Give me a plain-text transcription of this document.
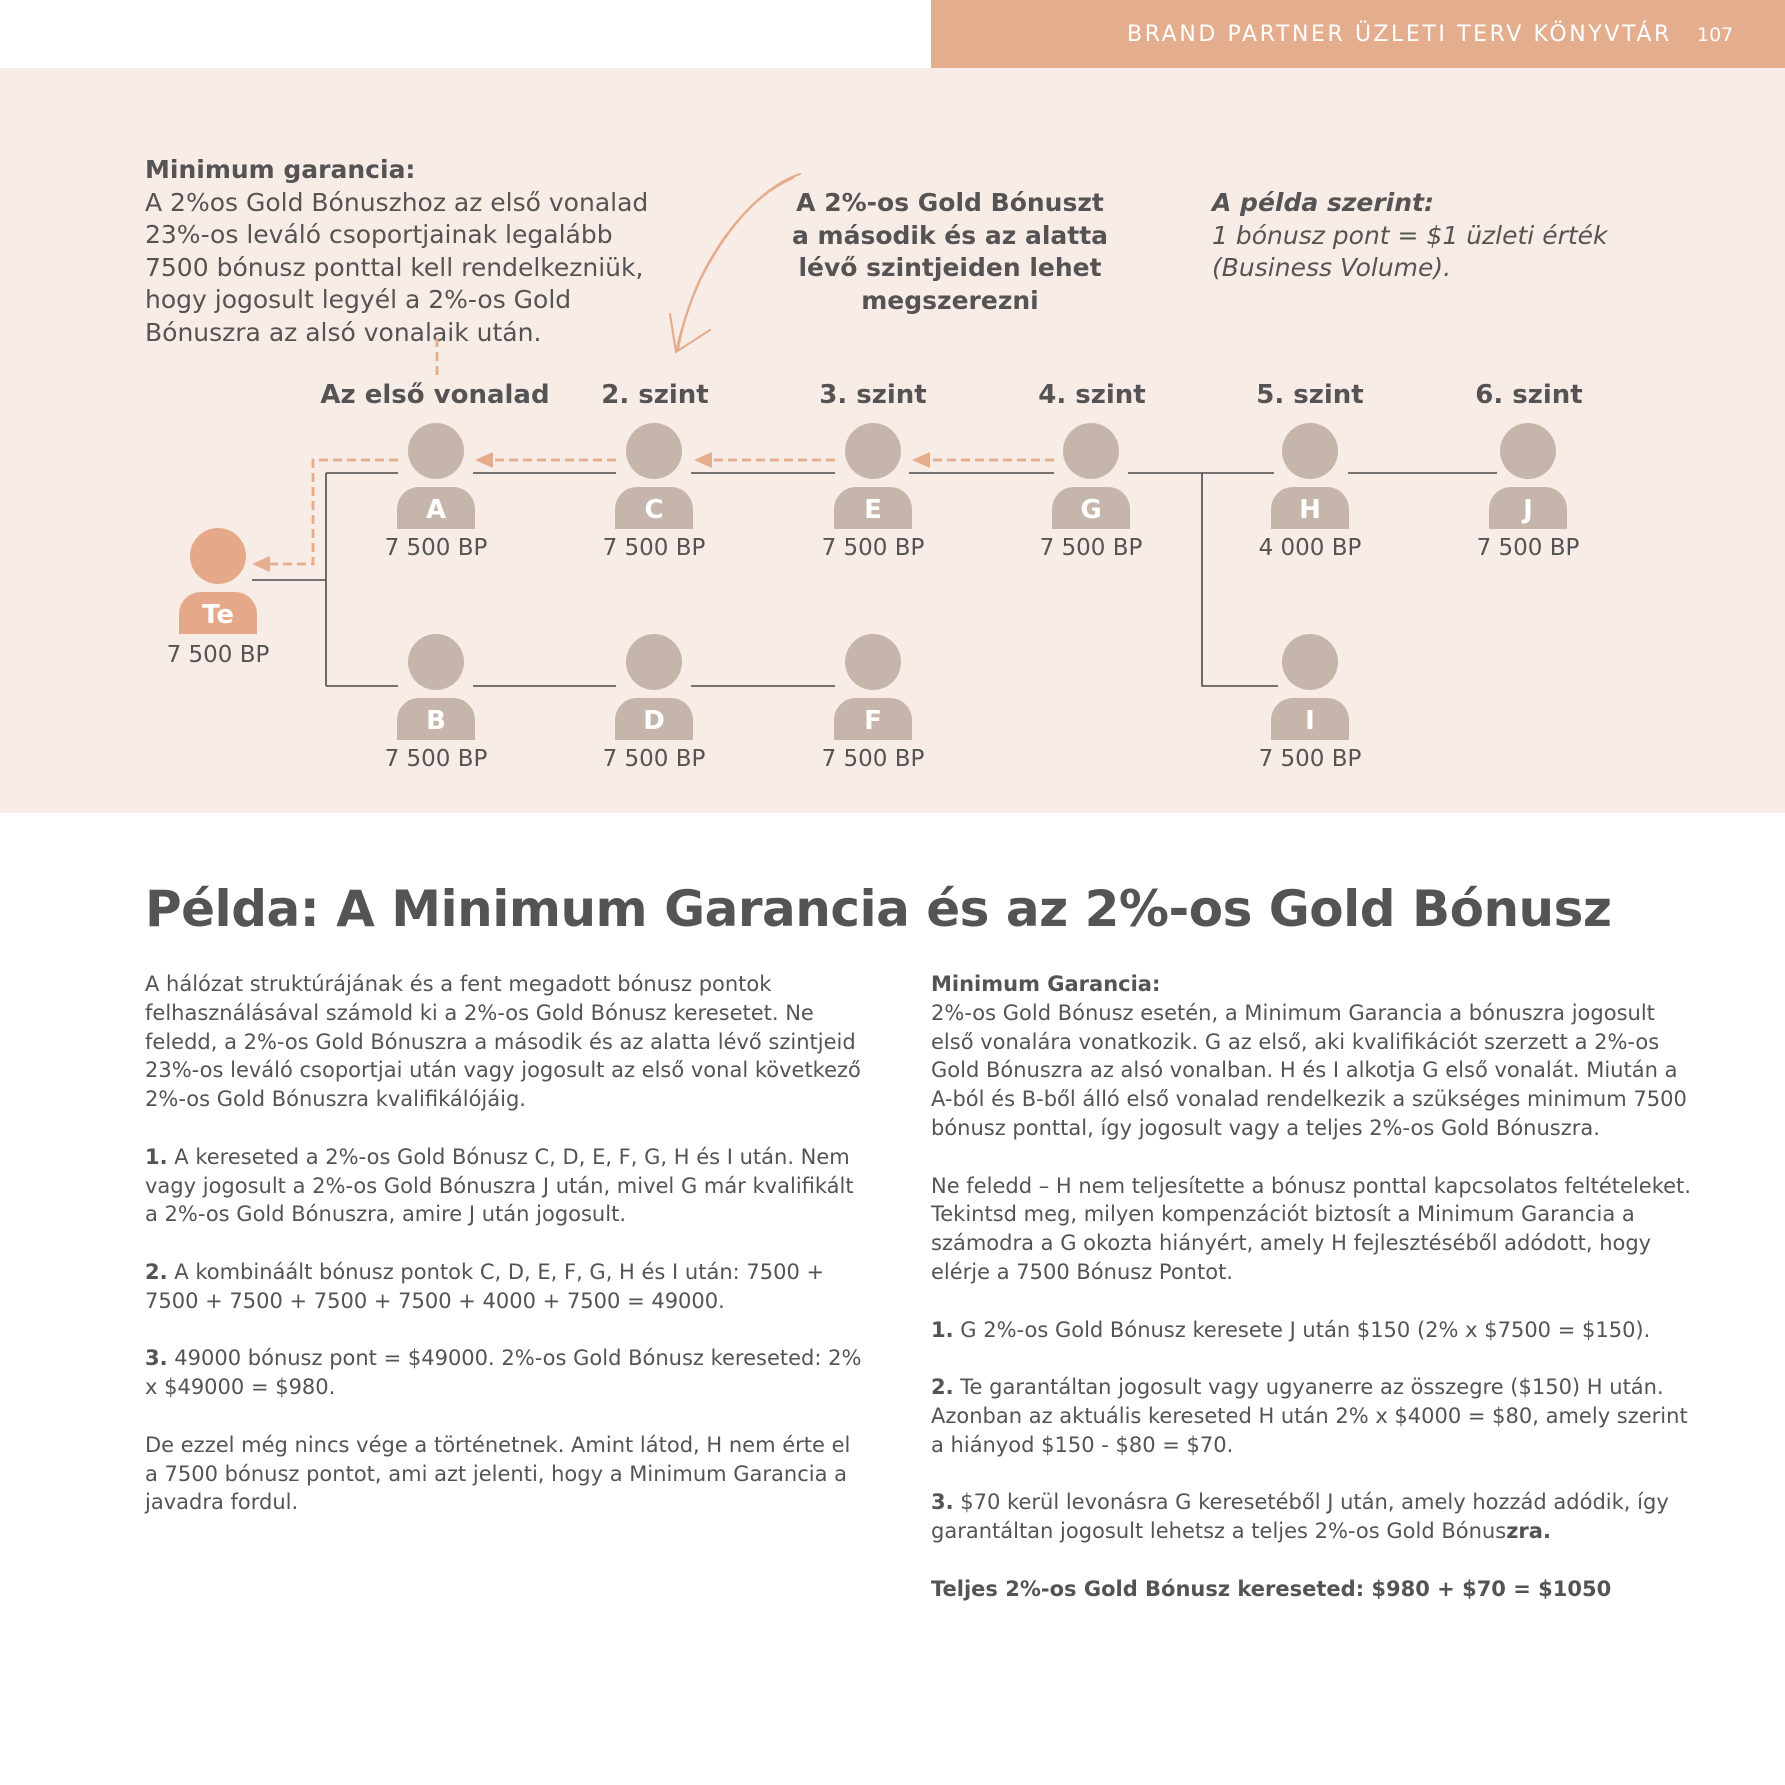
BRAND PARTNER ÜZLETI TERV KÖNYVTÁR 107
Minimum garancia:
A 2%os Gold Bónuszhoz az első vonalad 23%-os leváló csoportjainak legalább 7500 bónusz ponttal kell rendelkezniük, hogy jogosult legyél a 2%-os Gold Bónuszra az alsó vonalaik után.
A 2%-os Gold Bónuszt a második és az alatta lévő szintjeiden lehet megszerezni
A példa szerint:
1 bónusz pont = $1 üzleti érték (Business Volume).
Az első vonalad 2. szint	3. szint	4. szint	5. szint	6. szint
Te
A
B
C
D
E
F
G	H
I
J
7 500 BP
7 500 BP
7 500 BP
7 500 BP
7 500 BP
7 500 BP
7 500 BP
7 500 BP	4 000 BP
7 500 BP
7 500 BP
Példa: A Minimum Garancia és az 2%-os Gold Bónusz

A hálózat struktúrájának és a fent megadott bónusz pontok felhasználásával számold ki a 2%-os Gold Bónusz keresetet. Ne feledd, a 2%-os Gold Bónuszra a második és az alatta lévő szintjeid 23%-os leváló csoportjai után vagy jogosult az első vonal következő 2%-os Gold Bónuszra kvalifikálójáig.

1. A kereseted a 2%-os Gold Bónusz C, D, E, F, G, H és I után. Nem vagy jogosult a 2%-os Gold Bónuszra J után, mivel G már kvalifikált a 2%-os Gold Bónuszra, amire J után jogosult.

2. A kombináált bónusz pontok C, D, E, F, G, H és I után: 7500 + 7500 + 7500 + 7500 + 7500 + 4000 + 7500 = 49000.

3. 49000 bónusz pont = $49000. 2%-os Gold Bónusz kereseted: 2% x $49000 = $980.

De ezzel még nincs vége a történetnek. Amint látod, H nem érte el a 7500 bónusz pontot, ami azt jelenti, hogy a Minimum Garancia a javadra fordul.

Minimum Garancia:
2%-os Gold Bónusz esetén, a Minimum Garancia a bónuszra jogosult első vonalára vonatkozik. G az első, aki kvalifikációt szerzett a 2%-os Gold Bónuszra az alsó vonalban. H és I alkotja G első vonalát. Miután a A-ból és B-ből álló első vonalad rendelkezik a szükséges minimum 7500 bónusz ponttal, így jogosult vagy a teljes 2%-os Gold Bónuszra.

Ne feledd – H nem teljesítette a bónusz ponttal kapcsolatos feltételeket. Tekintsd meg, milyen kompenzációt biztosít a Minimum Garancia a számodra a G okozta hiányért, amely H fejlesztéséből adódott, hogy elérje a 7500 Bónusz Pontot.

1. G 2%-os Gold Bónusz keresete J után $150 (2% x $7500 = $150).

2. Te garantáltan jogosult vagy ugyanerre az összegre ($150) H után. Azonban az aktuális kereseted H után 2% x $4000 = $80, amely szerint a hiányod $150 - $80 = $70.

3. $70 kerül levonásra G keresetéből J után, amely hozzád adódik, így garantáltan jogosult lehetsz a teljes 2%-os Gold Bónuszra.

Teljes 2%-os Gold Bónusz kereseted: $980 + $70 = $1050
